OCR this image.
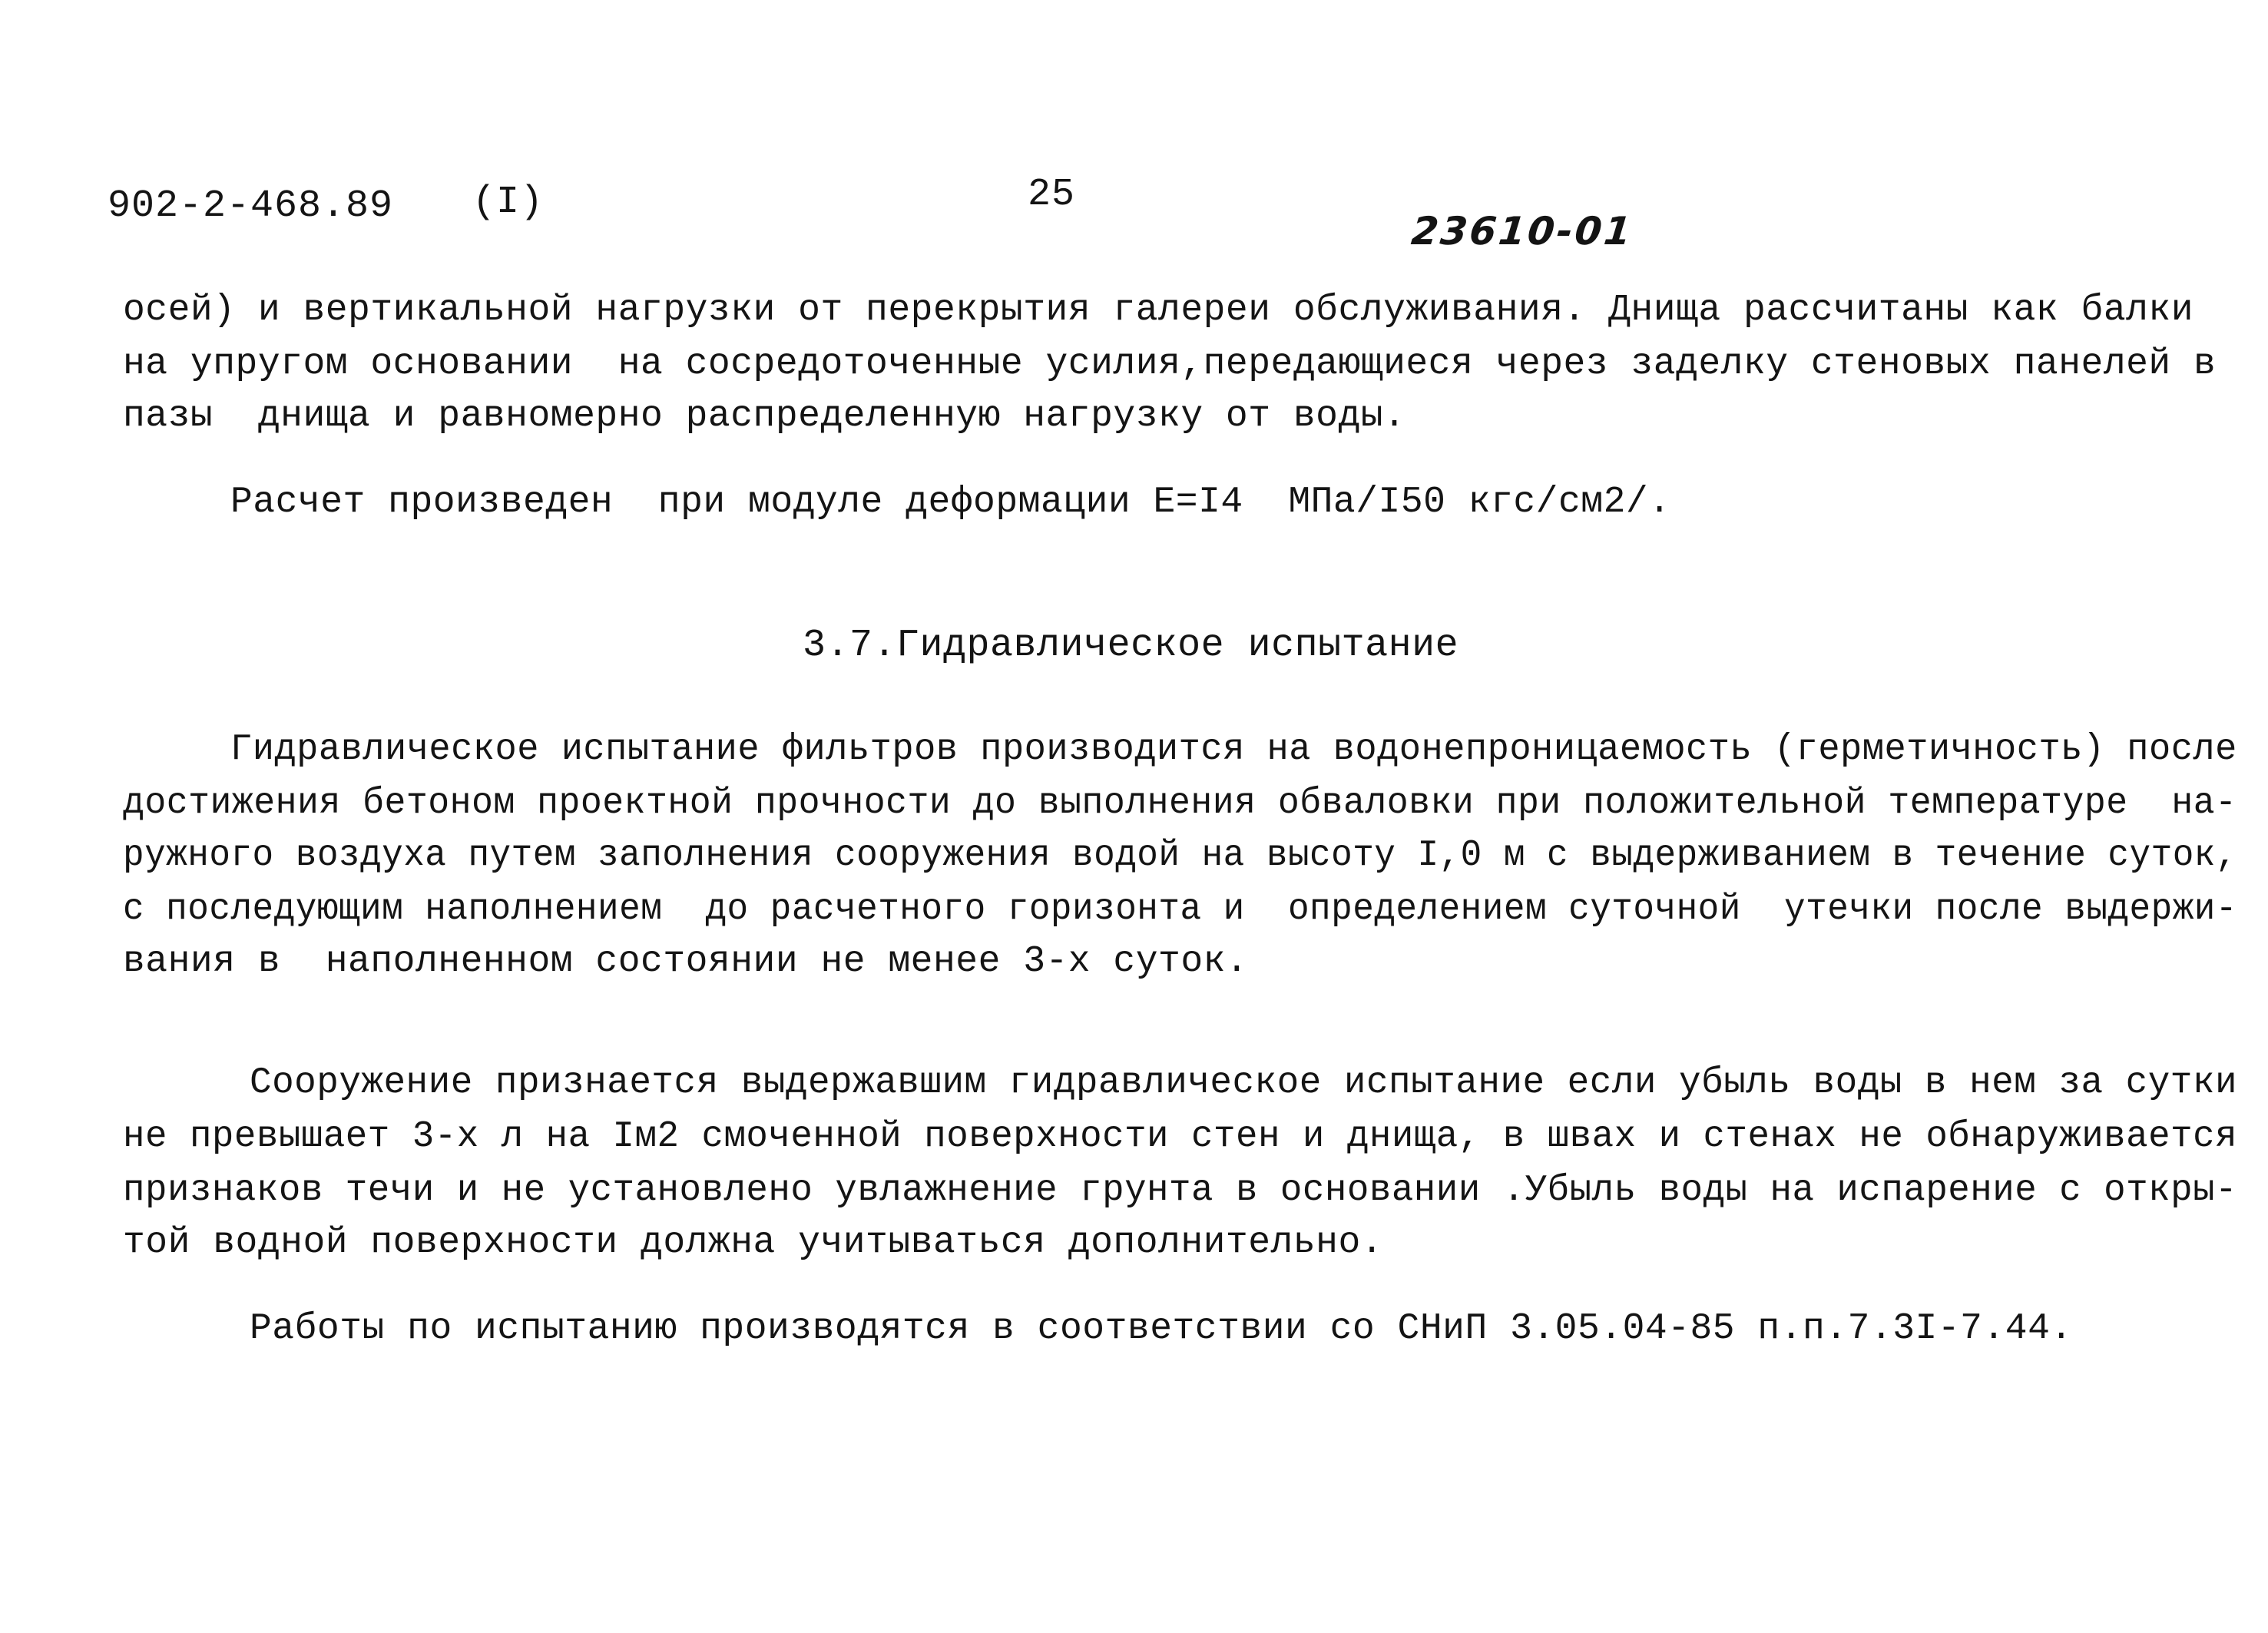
902-2-468.89 (I)	25
23610-01
осей) и вертикальной нагрузки от перекрытия галереи обслуживания. Днища рассчитаны как балки
на упругом основании  на сосредоточенные усилия,передающиеся через заделку стеновых панелей в
пазы  днища и равномерно распределенную нагрузку от воды.
Расчет произведен  при модуле деформации E=I4  МПа/I50 кгс/см2/.
3.7.Гидравлическое испытание
Гидравлическое испытание фильтров производится на водонепроницаемость (герметичность) после
достижения бетоном проектной прочности до выполнения обваловки при положительной температуре  на-
ружного воздуха путем заполнения сооружения водой на высоту I,0 м с выдерживанием в течение суток,
с последующим наполнением  до расчетного горизонта и  определением суточной  утечки после выдержи-
вания в  наполненном состоянии не менее 3-х суток.
Сооружение признается выдержавшим гидравлическое испытание если убыль воды в нем за сутки
не превышает 3-х л на Iм2 смоченной поверхности стен и днища, в швах и стенах не обнаруживается
признаков течи и не установлено увлажнение грунта в основании .Убыль воды на испарение с откры-
той водной поверхности должна учитываться дополнительно.
Работы по испытанию производятся в соответствии со СНиП 3.05.04-85 п.п.7.3I-7.44.
